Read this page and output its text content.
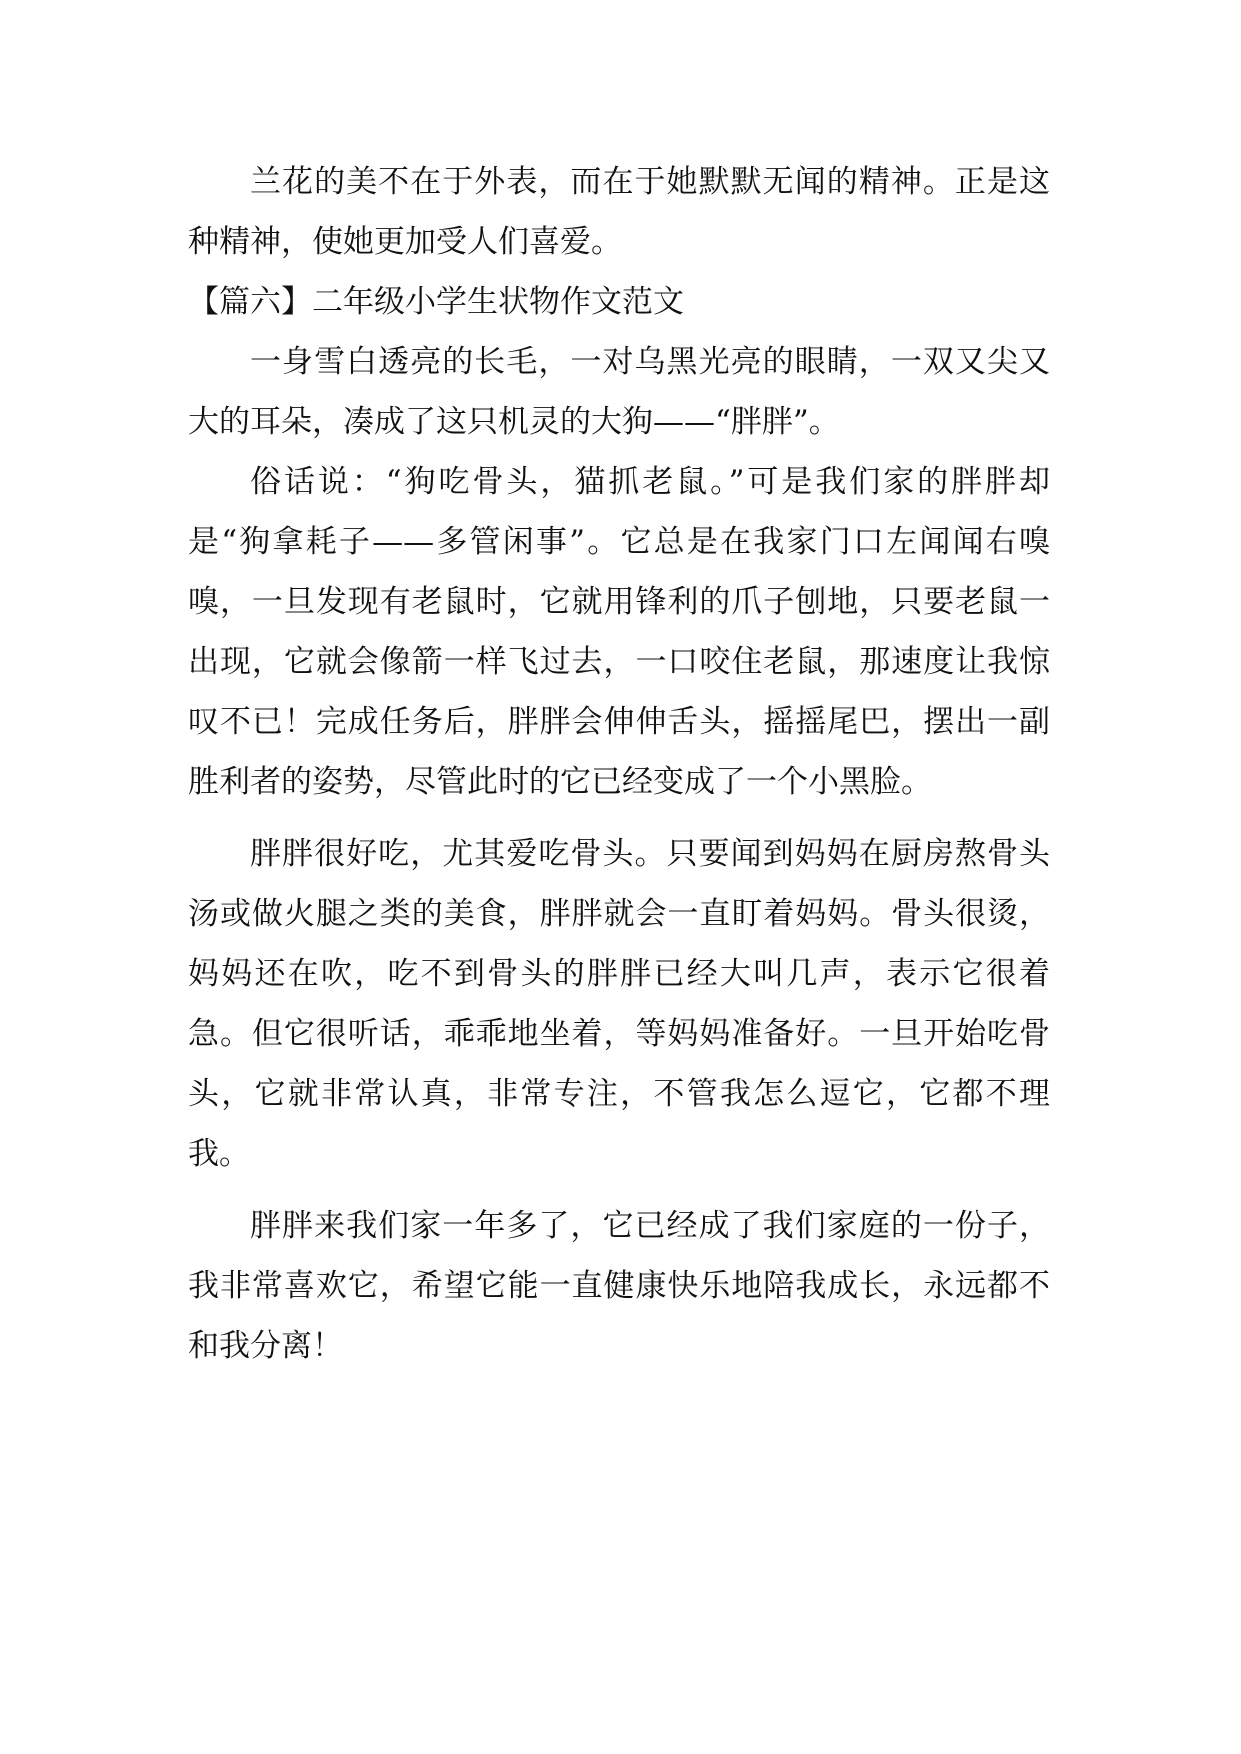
兰花的美不在于外表，而在于她默默无闻的精神。正是这种精神，使她更加受人们喜爱。

【篇六】二年级小学生状物作文范文

一身雪白透亮的长毛，一对乌黑光亮的眼睛，一双又尖又大的耳朵，凑成了这只机灵的大狗——“胖胖”。

俗话说：“狗吃骨头，猫抓老鼠。”可是我们家的胖胖却是“狗拿耗子——多管闲事”。它总是在我家门口左闻闻右嗅嗅，一旦发现有老鼠时，它就用锋利的爪子刨地，只要老鼠一出现，它就会像箭一样飞过去，一口咬住老鼠，那速度让我惊叹不已！完成任务后，胖胖会伸伸舌头，摇摇尾巴，摆出一副胜利者的姿势，尽管此时的它已经变成了一个小黑脸。

胖胖很好吃，尤其爱吃骨头。只要闻到妈妈在厨房熬骨头汤或做火腿之类的美食，胖胖就会一直盯着妈妈。骨头很烫，妈妈还在吹，吃不到骨头的胖胖已经大叫几声，表示它很着急。但它很听话，乖乖地坐着，等妈妈准备好。一旦开始吃骨头，它就非常认真，非常专注，不管我怎么逗它，它都不理我。

胖胖来我们家一年多了，它已经成了我们家庭的一份子，我非常喜欢它，希望它能一直健康快乐地陪我成长，永远都不和我分离！
